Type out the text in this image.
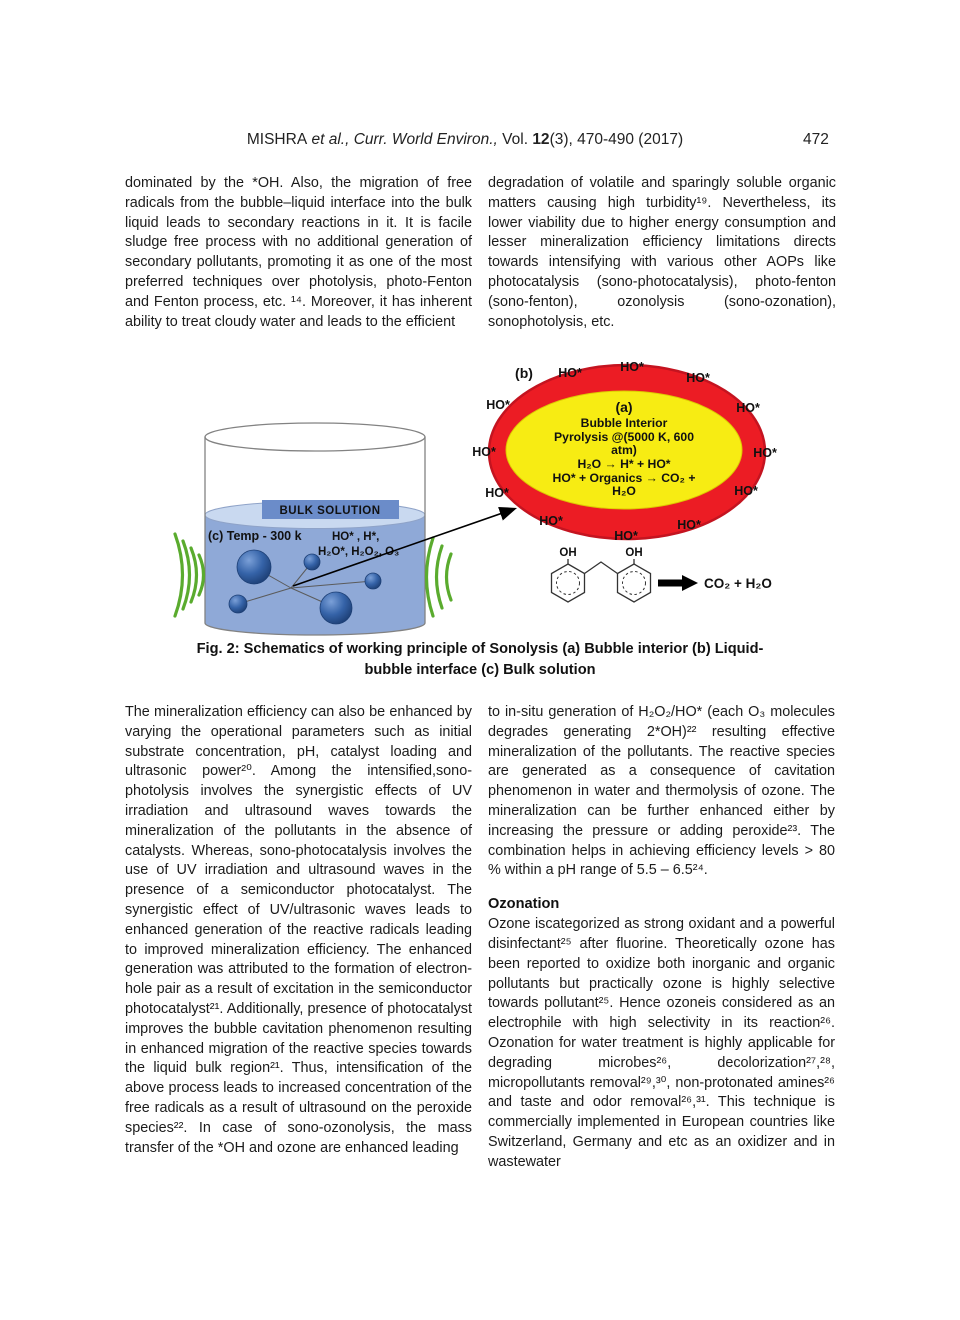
MISHRA et al., Curr. World Environ., Vol. 12(3), 470-490 (2017)	472
dominated by the *OH. Also, the migration of free radicals from the bubble–liquid interface into the bulk liquid leads to secondary reactions in it. It is facile sludge free process with no additional generation of secondary pollutants, promoting it as one of the most preferred techniques over photolysis, photo-Fenton and Fenton process, etc. ¹⁴. Moreover, it has inherent ability to treat cloudy water and leads to the efficient
degradation of volatile and sparingly soluble organic matters causing high turbidity¹⁹. Nevertheless, its lower viability due to higher energy consumption and lesser mineralization efficiency limitations directs towards intensifying with various other AOPs like photocatalysis (sono-photocatalysis), photo-fenton (sono-fenton), ozonolysis (sono-ozonation), sonophotolysis, etc.
BULK SOLUTION
(c) Temp - 300 k	HO* , H*,
H₂O*, H₂O₂, O₃
(b)
(a)
Bubble Interior
Pyrolysis @(5000 K, 600
atm)
H₂O → H* + HO*
HO* + Organics → CO₂ +
H₂O
HO*
HO*	HO*
HO*
HO*
HO*	HO*
HO*	HO*
HO*
HO*
HO*
OH	OH
CO₂ + H₂O
Fig. 2: Schematics of working principle of Sonolysis (a) Bubble interior (b) Liquid-
bubble interface (c) Bulk solution
The mineralization efficiency can also be enhanced by varying the operational parameters such as initial substrate concentration, pH, catalyst loading and ultrasonic power²⁰. Among the intensified,sono-photolysis involves the synergistic effects of UV irradiation and ultrasound waves towards the mineralization of the pollutants in the absence of catalysts. Whereas, sono-photocatalysis involves the use of UV irradiation and ultrasound waves in the presence of a semiconductor photocatalyst. The synergistic effect of UV/ultrasonic waves leads to enhanced generation of the reactive radicals leading to improved mineralization efficiency. The enhanced generation was attributed to the formation of electron-hole pair as a result of excitation in the semiconductor photocatalyst²¹. Additionally, presence of photocatalyst improves the bubble cavitation phenomenon resulting in enhanced migration of the reactive species towards the liquid bulk region²¹. Thus, intensification of the above process leads to increased concentration of the free radicals as a result of ultrasound on the peroxide species²². In case of sono-ozonolysis, the mass transfer of the *OH and ozone are enhanced leading
to in-situ generation of H₂O₂/HO* (each O₃ molecules degrades generating 2*OH)²² resulting effective mineralization of the pollutants. The reactive species are generated as a consequence of cavitation phenomenon in water and thermolysis of ozone. The mineralization can be further enhanced either by increasing the pressure or adding peroxide²³. The combination helps in achieving efficiency levels > 80 % within a pH range of 5.5 – 6.5²⁴.
Ozonation
Ozone iscategorized as strong oxidant and a powerful disinfectant²⁵ after fluorine. Theoretically ozone has been reported to oxidize both inorganic and organic pollutants but practically ozone is highly selective towards pollutant²⁵. Hence ozoneis considered as an electrophile with high selectivity in its reaction²⁶. Ozonation for water treatment is highly applicable for degrading microbes²⁶, decolorization²⁷,²⁸, micropollutants removal²⁹,³⁰, non-protonated amines²⁶ and taste and odor removal²⁶,³¹. This technique is commercially implemented in European countries like Switzerland, Germany and etc as an oxidizer and in wastewater
